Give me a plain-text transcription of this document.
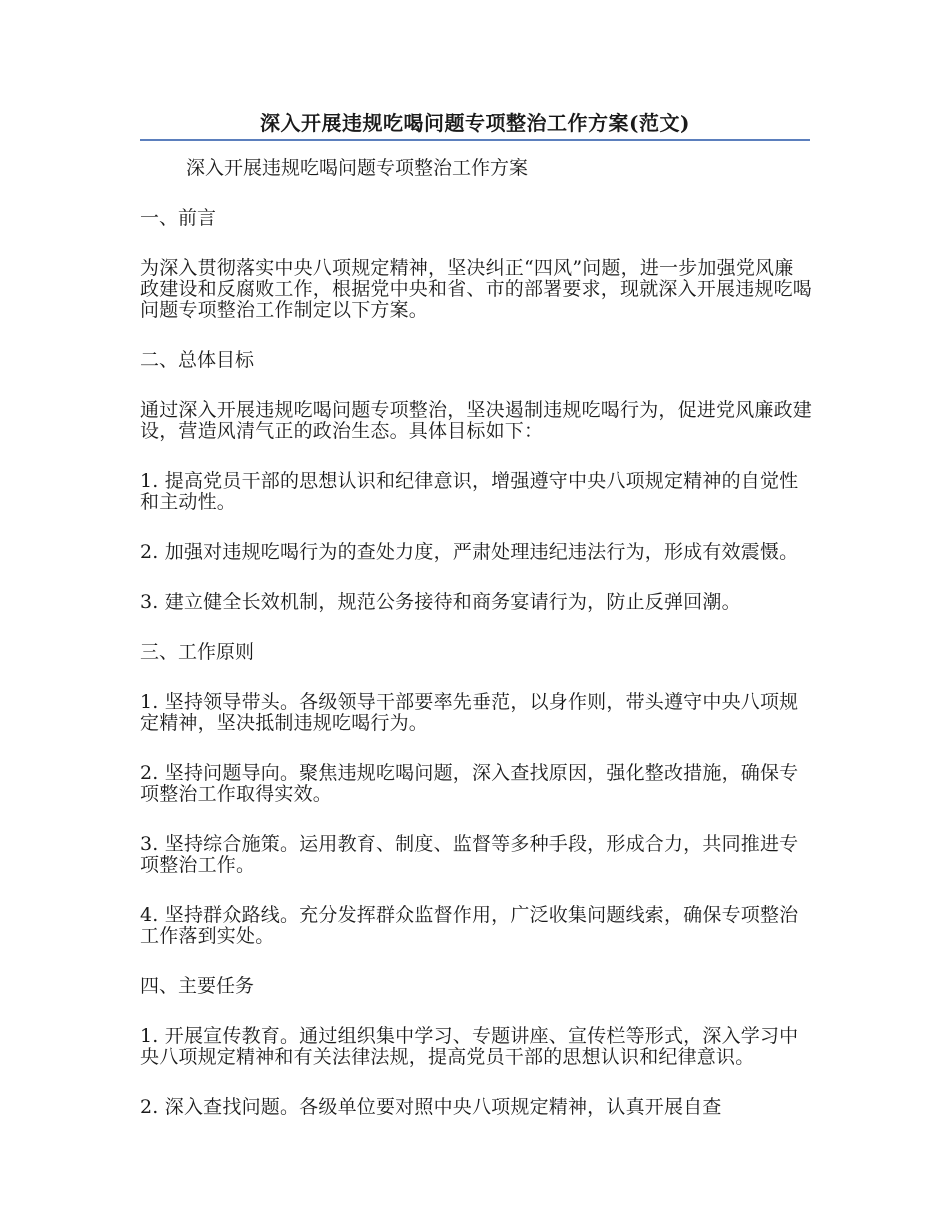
深入开展违规吃喝问题专项整治工作方案(范文)

深入开展违规吃喝问题专项整治工作方案

一、前言

为深入贯彻落实中央八项规定精神，坚决纠正“四风”问题，进一步加强党风廉政建设和反腐败工作，根据党中央和省、市的部署要求，现就深入开展违规吃喝问题专项整治工作制定以下方案。

二、总体目标

通过深入开展违规吃喝问题专项整治，坚决遏制违规吃喝行为，促进党风廉政建设，营造风清气正的政治生态。具体目标如下：

1. 提高党员干部的思想认识和纪律意识，增强遵守中央八项规定精神的自觉性和主动性。

2. 加强对违规吃喝行为的查处力度，严肃处理违纪违法行为，形成有效震慑。

3. 建立健全长效机制，规范公务接待和商务宴请行为，防止反弹回潮。

三、工作原则

1. 坚持领导带头。各级领导干部要率先垂范，以身作则，带头遵守中央八项规定精神，坚决抵制违规吃喝行为。

2. 坚持问题导向。聚焦违规吃喝问题，深入查找原因，强化整改措施，确保专项整治工作取得实效。

3. 坚持综合施策。运用教育、制度、监督等多种手段，形成合力，共同推进专项整治工作。

4. 坚持群众路线。充分发挥群众监督作用，广泛收集问题线索，确保专项整治工作落到实处。

四、主要任务

1. 开展宣传教育。通过组织集中学习、专题讲座、宣传栏等形式，深入学习中央八项规定精神和有关法律法规，提高党员干部的思想认识和纪律意识。

2. 深入查找问题。各级单位要对照中央八项规定精神，认真开展自查
